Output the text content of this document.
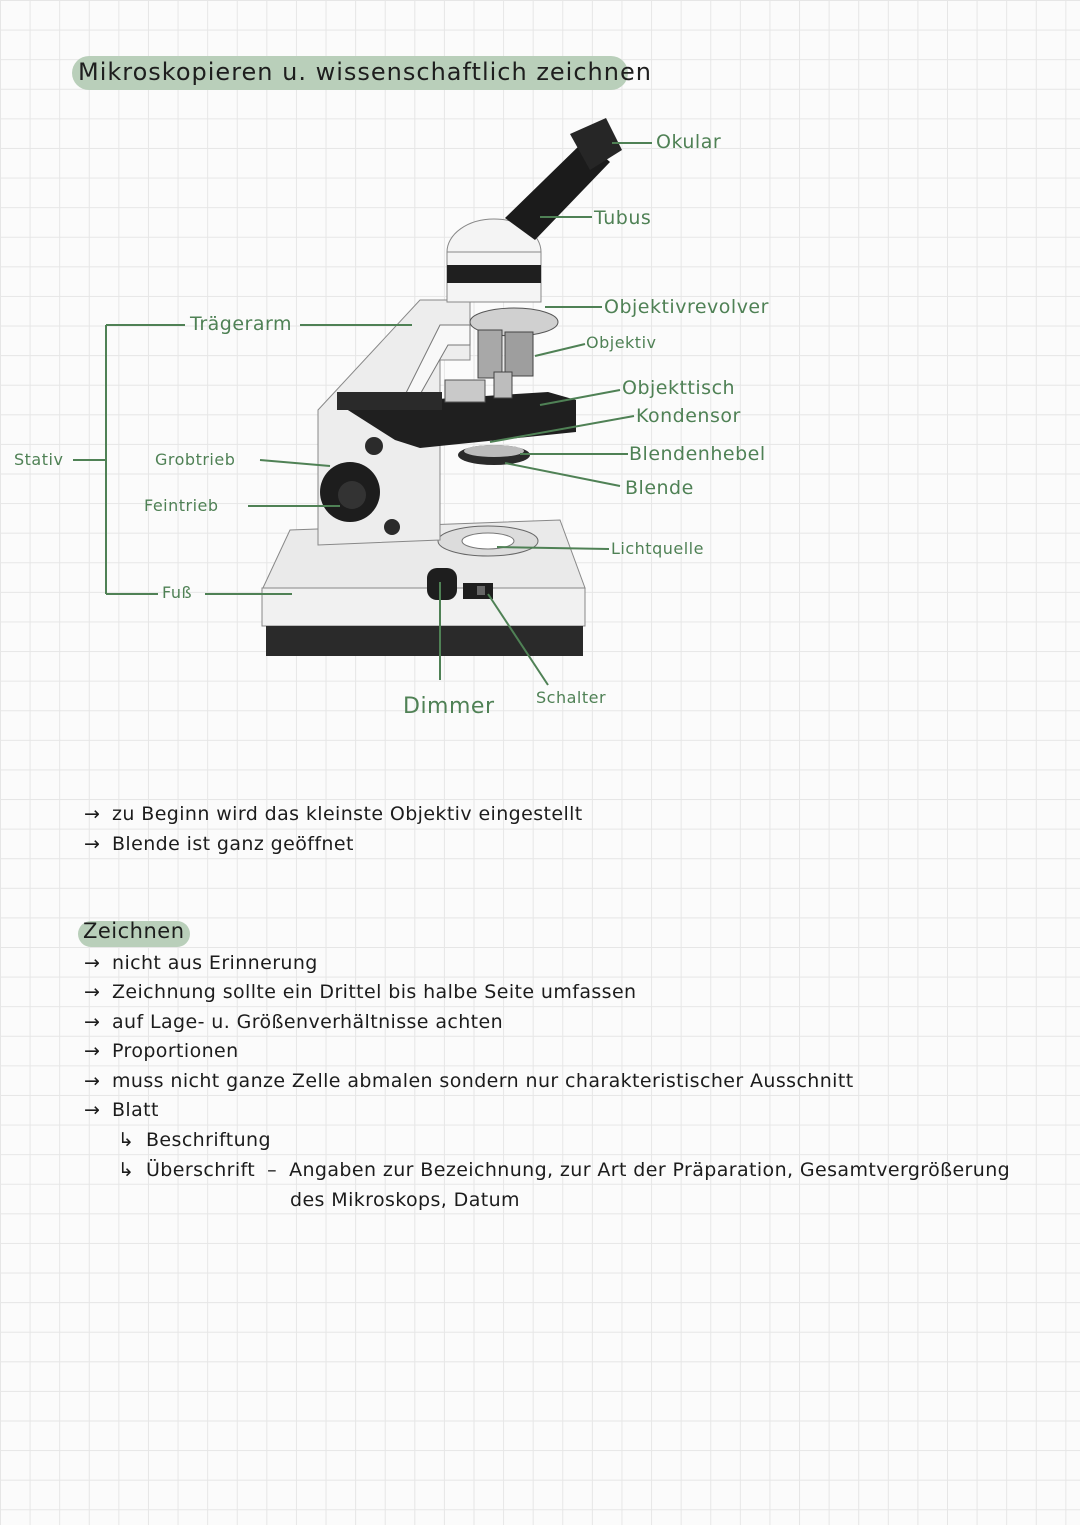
Mikroskopieren u. wissenschaftlich zeichnen
Okular
Tubus
Objektivrevolver
Objektiv
Objekttisch
Kondensor
Blendenhebel
Blende
Lichtquelle
Schalter
Dimmer
Trägerarm
Stativ	Grobtrieb
Feintrieb
Fuß
→ zu Beginn wird das kleinste Objektiv eingestellt
→ Blende ist ganz geöffnet
Zeichnen
→ nicht aus Erinnerung
→ Zeichnung sollte ein Drittel bis halbe Seite umfassen
→ auf Lage- u. Größenverhältnisse achten
→ Proportionen
→ muss nicht ganze Zelle abmalen sondern nur charakteristischer Ausschnitt
→ Blatt
↳ Beschriftung
↳ Überschrift – Angaben zur Bezeichnung, zur Art der Präparation, Gesamtvergrößerung
des Mikroskops, Datum
